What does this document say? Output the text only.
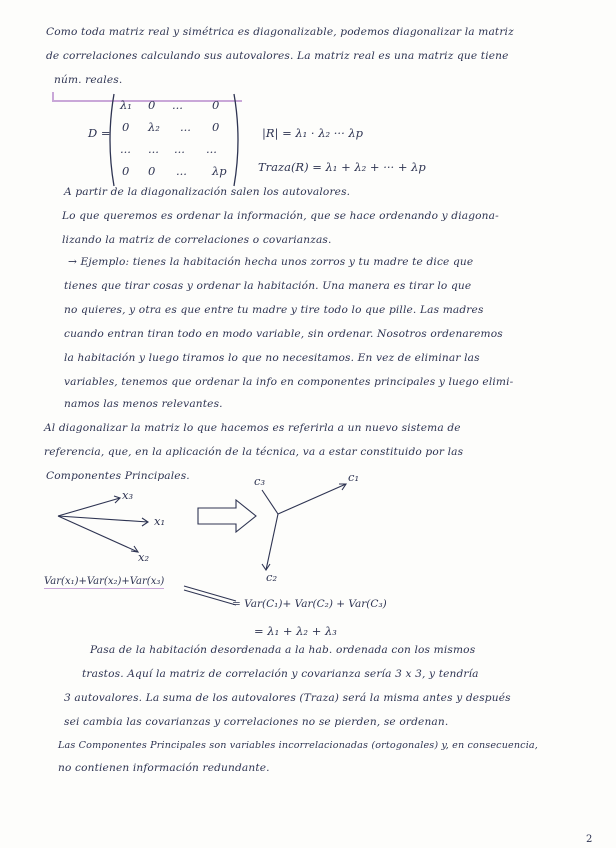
Como toda matriz real y simétrica es diagonalizable, podemos diagonalizar la matriz
de correlaciones calculando sus autovalores. La matriz real es una matriz que tiene
núm. reales.
D =
λ₁ 0 ...	0
0 λ₂ ... 0
... ... ... ...
0 0 ... λp
|R| = λ₁ · λ₂ ··· λp
Traza(R) = λ₁ + λ₂ + ··· + λp
A partir de la diagonalización salen los autovalores.
Lo que queremos es ordenar la información, que se hace ordenando y diagona-
lizando la matriz de correlaciones o covarianzas.
→ Ejemplo: tienes la habitación hecha unos zorros y tu madre te dice que
tienes que tirar cosas y ordenar la habitación. Una manera es tirar lo que
no quieres, y otra es que entre tu madre y tire todo lo que pille. Las madres
cuando entran tiran todo en modo variable, sin ordenar. Nosotros ordenaremos
la habitación y luego tiramos lo que no necesitamos. En vez de eliminar las
variables, tenemos que ordenar la info en componentes principales y luego elimi-
namos las menos relevantes.
Al diagonalizar la matriz lo que hacemos es referirla a un nuevo sistema de
referencia, que, en la aplicación de la técnica, va a estar constituido por las
Componentes Principales.
x₃
x₁
x₂
c₃	c₁
c₂
Var(x₁)+Var(x₂)+Var(x₃)
= Var(C₁)+ Var(C₂) + Var(C₃)
= λ₁ + λ₂ + λ₃
Pasa de la habitación desordenada a la hab. ordenada con los mismos
trastos. Aquí la matriz de correlación y covarianza sería 3 x 3, y tendría
3 autovalores. La suma de los autovalores (Traza) será la misma antes y después
sei cambia las covarianzas y correlaciones no se pierden, se ordenan.
Las Componentes Principales son variables incorrelacionadas (ortogonales) y, en consecuencia,
no contienen información redundante.
2
